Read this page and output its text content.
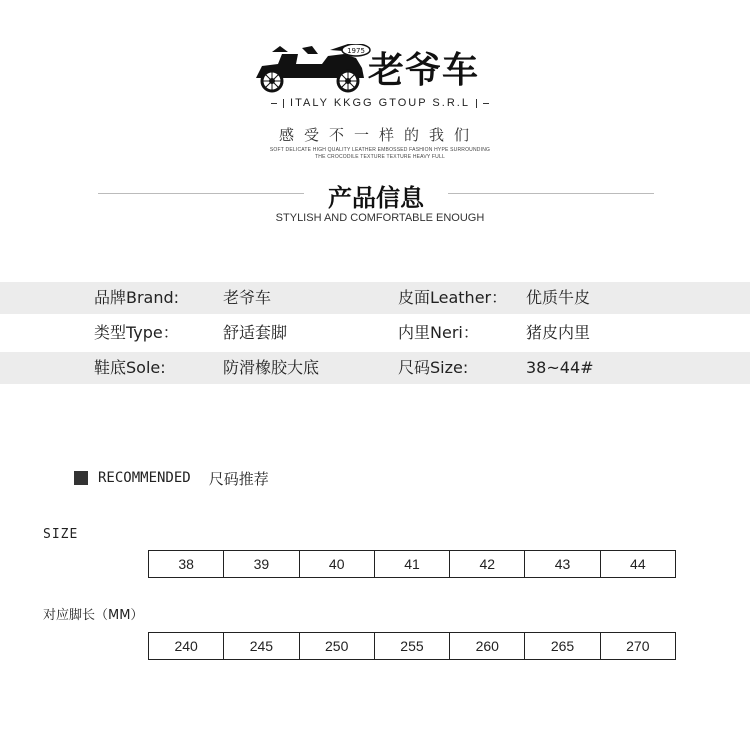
1975 老爷车
ITALY KKGG GTOUP S.R.L
感受不一样的我们
SOFT DELICATE HIGH QUALITY LEATHER EMBOSSED FASHION HYPE SURROUNDING
THE CROCODILE TEXTURE TEXTURE HEAVY FULL
产品信息
STYLISH AND COMFORTABLE ENOUGH
品牌Brand:	老爷车	皮面Leather： 优质牛皮
类型Type：	舒适套脚	内里Neri：	猪皮内里
鞋底Sole:	防滑橡胶大底	尺码Size:	38~44#
RECOMMENDED 尺码推荐
SIZE
38	39	40	41	42	43	44
对应脚长（MM）
240	245	250	255	260	265	270
